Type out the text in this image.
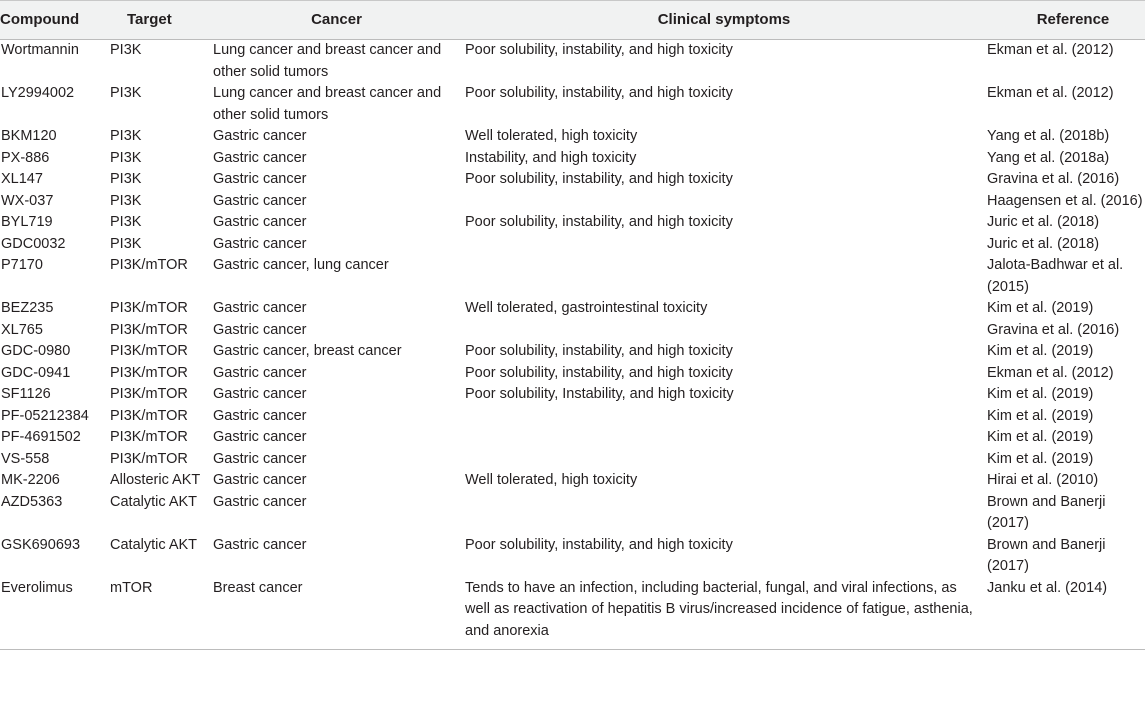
Compound	Target	Cancer	Clinical symptoms	Reference
Wortmannin	PI3K	Lung cancer and breast cancer and other solid tumors	Poor solubility, instability, and high toxicity	Ekman et al. (2012)
LY2994002	PI3K	Lung cancer and breast cancer and other solid tumors	Poor solubility, instability, and high toxicity	Ekman et al. (2012)
BKM120	PI3K	Gastric cancer	Well tolerated, high toxicity	Yang et al. (2018b)
PX-886	PI3K	Gastric cancer	Instability, and high toxicity	Yang et al. (2018a)
XL147	PI3K	Gastric cancer	Poor solubility, instability, and high toxicity	Gravina et al. (2016)
WX-037	PI3K	Gastric cancer		Haagensen et al. (2016)
BYL719	PI3K	Gastric cancer	Poor solubility, instability, and high toxicity	Juric et al. (2018)
GDC0032	PI3K	Gastric cancer		Juric et al. (2018)
P7170	PI3K/mTOR	Gastric cancer, lung cancer		Jalota-Badhwar et al. (2015)
BEZ235	PI3K/mTOR	Gastric cancer	Well tolerated, gastrointestinal toxicity	Kim et al. (2019)
XL765	PI3K/mTOR	Gastric cancer		Gravina et al. (2016)
GDC-0980	PI3K/mTOR	Gastric cancer, breast cancer	Poor solubility, instability, and high toxicity	Kim et al. (2019)
GDC-0941	PI3K/mTOR	Gastric cancer	Poor solubility, instability, and high toxicity	Ekman et al. (2012)
SF1126	PI3K/mTOR	Gastric cancer	Poor solubility, Instability, and high toxicity	Kim et al. (2019)
PF-05212384	PI3K/mTOR	Gastric cancer		Kim et al. (2019)
PF-4691502	PI3K/mTOR	Gastric cancer		Kim et al. (2019)
VS-558	PI3K/mTOR	Gastric cancer		Kim et al. (2019)
MK-2206	Allosteric AKT	Gastric cancer	Well tolerated, high toxicity	Hirai et al. (2010)
AZD5363	Catalytic AKT	Gastric cancer		Brown and Banerji (2017)
GSK690693	Catalytic AKT	Gastric cancer	Poor solubility, instability, and high toxicity	Brown and Banerji (2017)
Everolimus	mTOR	Breast cancer	Tends to have an infection, including bacterial, fungal, and viral infections, as well as reactivation of hepatitis B virus/increased incidence of fatigue, asthenia, and anorexia	Janku et al. (2014)
